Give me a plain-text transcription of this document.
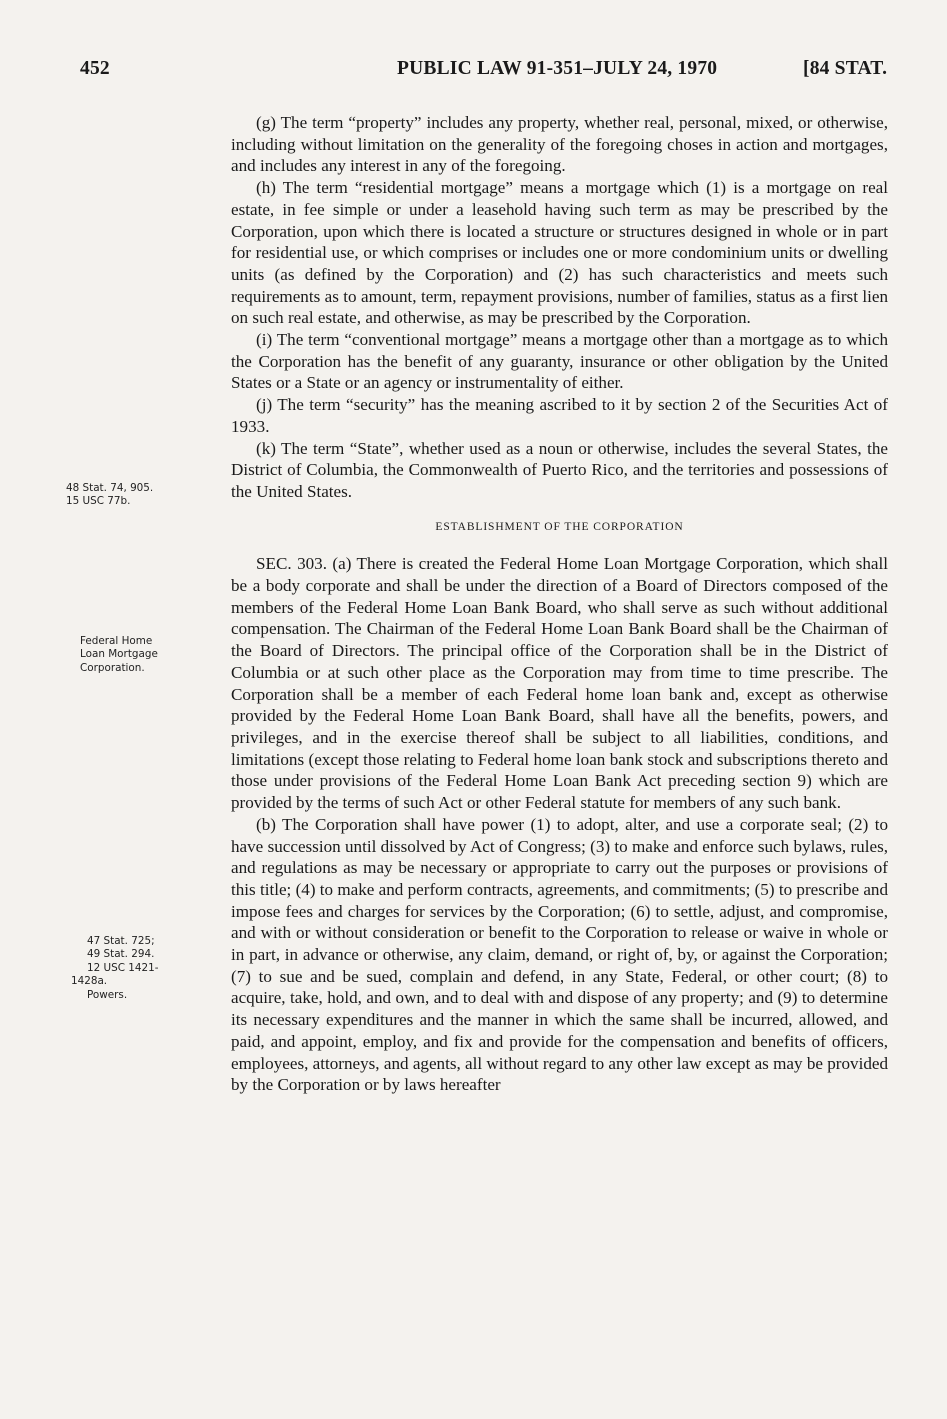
452	PUBLIC LAW 91-351–JULY 24, 1970	[84 STAT.

(g) The term “property” includes any property, whether real, personal, mixed, or otherwise, including without limitation on the generality of the foregoing choses in action and mortgages, and includes any interest in any of the foregoing.

(h) The term “residential mortgage” means a mortgage which (1) is a mortgage on real estate, in fee simple or under a leasehold having such term as may be prescribed by the Corporation, upon which there is located a structure or structures designed in whole or in part for residential use, or which comprises or includes one or more condominium units or dwelling units (as defined by the Corporation) and (2) has such characteristics and meets such requirements as to amount, term, repayment provisions, number of families, status as a first lien on such real estate, and otherwise, as may be prescribed by the Corporation.

(i) The term “conventional mortgage” means a mortgage other than a mortgage as to which the Corporation has the benefit of any guaranty, insurance or other obligation by the United States or a State or an agency or instrumentality of either.

(j) The term “security” has the meaning ascribed to it by section 2 of the Securities Act of 1933.

(k) The term “State”, whether used as a noun or otherwise, includes the several States, the District of Columbia, the Commonwealth of Puerto Rico, and the territories and possessions of the United States.

ESTABLISHMENT OF THE CORPORATION

SEC. 303. (a) There is created the Federal Home Loan Mortgage Corporation, which shall be a body corporate and shall be under the direction of a Board of Directors composed of the members of the Federal Home Loan Bank Board, who shall serve as such without additional compensation. The Chairman of the Federal Home Loan Bank Board shall be the Chairman of the Board of Directors. The principal office of the Corporation shall be in the District of Columbia or at such other place as the Corporation may from time to time prescribe. The Corporation shall be a member of each Federal home loan bank and, except as otherwise provided by the Federal Home Loan Bank Board, shall have all the benefits, powers, and privileges, and in the exercise thereof shall be subject to all liabilities, conditions, and limitations (except those relating to Federal home loan bank stock and subscriptions thereto and those under provisions of the Federal Home Loan Bank Act preceding section 9) which are provided by the terms of such Act or other Federal statute for members of any such bank.

(b) The Corporation shall have power (1) to adopt, alter, and use a corporate seal; (2) to have succession until dissolved by Act of Congress; (3) to make and enforce such bylaws, rules, and regulations as may be necessary or appropriate to carry out the purposes or provisions of this title; (4) to make and perform contracts, agreements, and commitments; (5) to prescribe and impose fees and charges for services by the Corporation; (6) to settle, adjust, and compromise, and with or without consideration or benefit to the Corporation to release or waive in whole or in part, in advance or otherwise, any claim, demand, or right of, by, or against the Corporation; (7) to sue and be sued, complain and defend, in any State, Federal, or other court; (8) to acquire, take, hold, and own, and to deal with and dispose of any property; and (9) to determine its necessary expenditures and the manner in which the same shall be incurred, allowed, and paid, and appoint, employ, and fix and provide for the compensation and benefits of officers, employees, attorneys, and agents, all without regard to any other law except as may be provided by the Corporation or by laws hereafter

48 Stat. 74, 905.
15 USC 77b.
Federal Home
Loan Mortgage
Corporation.
47 Stat. 725;
49 Stat. 294.
12 USC 1421-
1428a.
Powers.
